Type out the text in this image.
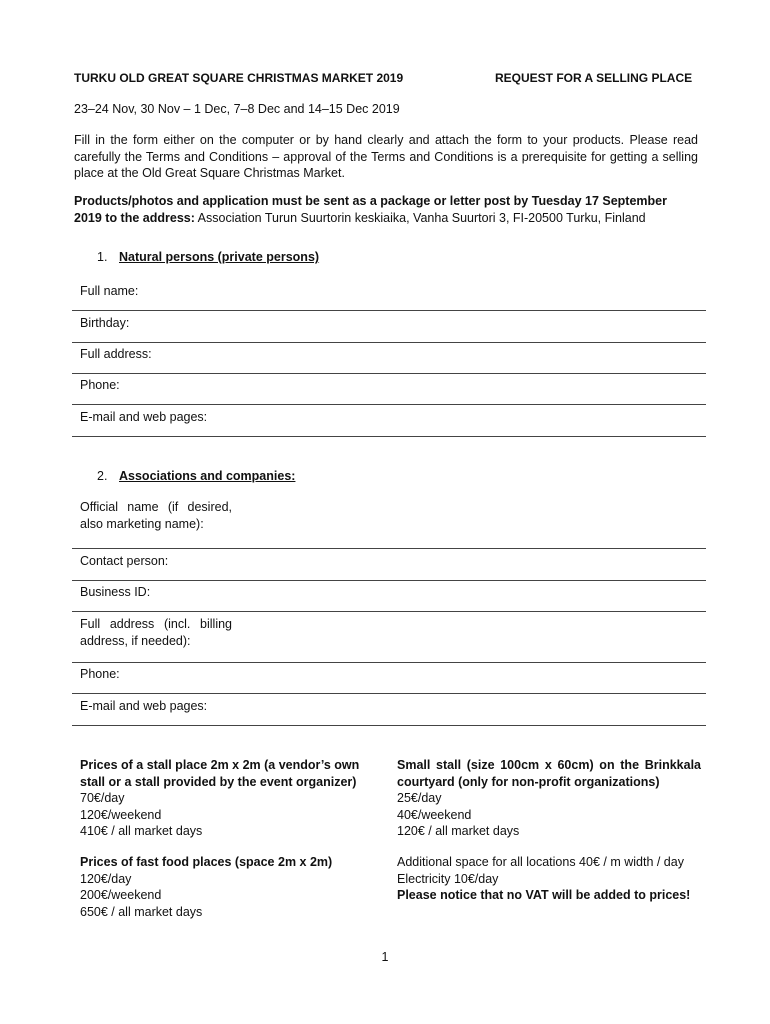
TURKU OLD GREAT SQUARE CHRISTMAS MARKET 2019	REQUEST FOR A SELLING PLACE
23–24 Nov, 30 Nov – 1 Dec, 7–8 Dec and 14–15 Dec 2019
Fill in the form either on the computer or by hand clearly and attach the form to your products. Please read carefully the Terms and Conditions – approval of the Terms and Conditions is a prerequisite for getting a selling place at the Old Great Square Christmas Market.
Products/photos and application must be sent as a package or letter post by Tuesday 17 September 2019 to the address: Association Turun Suurtorin keskiaika, Vanha Suurtori 3, FI-20500 Turku, Finland
1. Natural persons (private persons)
Full name:
Birthday:
Full address:
Phone:
E-mail and web pages:
2. Associations and companies:
Official name (if desired, also marketing name):
Contact person:
Business ID:
Full address (incl. billing address, if needed):
Phone:
E-mail and web pages:
Prices of a stall place 2m x 2m (a vendor’s own stall or a stall provided by the event organizer)
70€/day
120€/weekend
410€ / all market days
Small stall (size 100cm x 60cm) on the Brinkkala courtyard (only for non-profit organizations)
25€/day
40€/weekend
120€ / all market days
Prices of fast food places (space 2m x 2m)
120€/day
200€/weekend
650€ / all market days
Additional space for all locations 40€ / m width / day
Electricity 10€/day
Please notice that no VAT will be added to prices!
1
